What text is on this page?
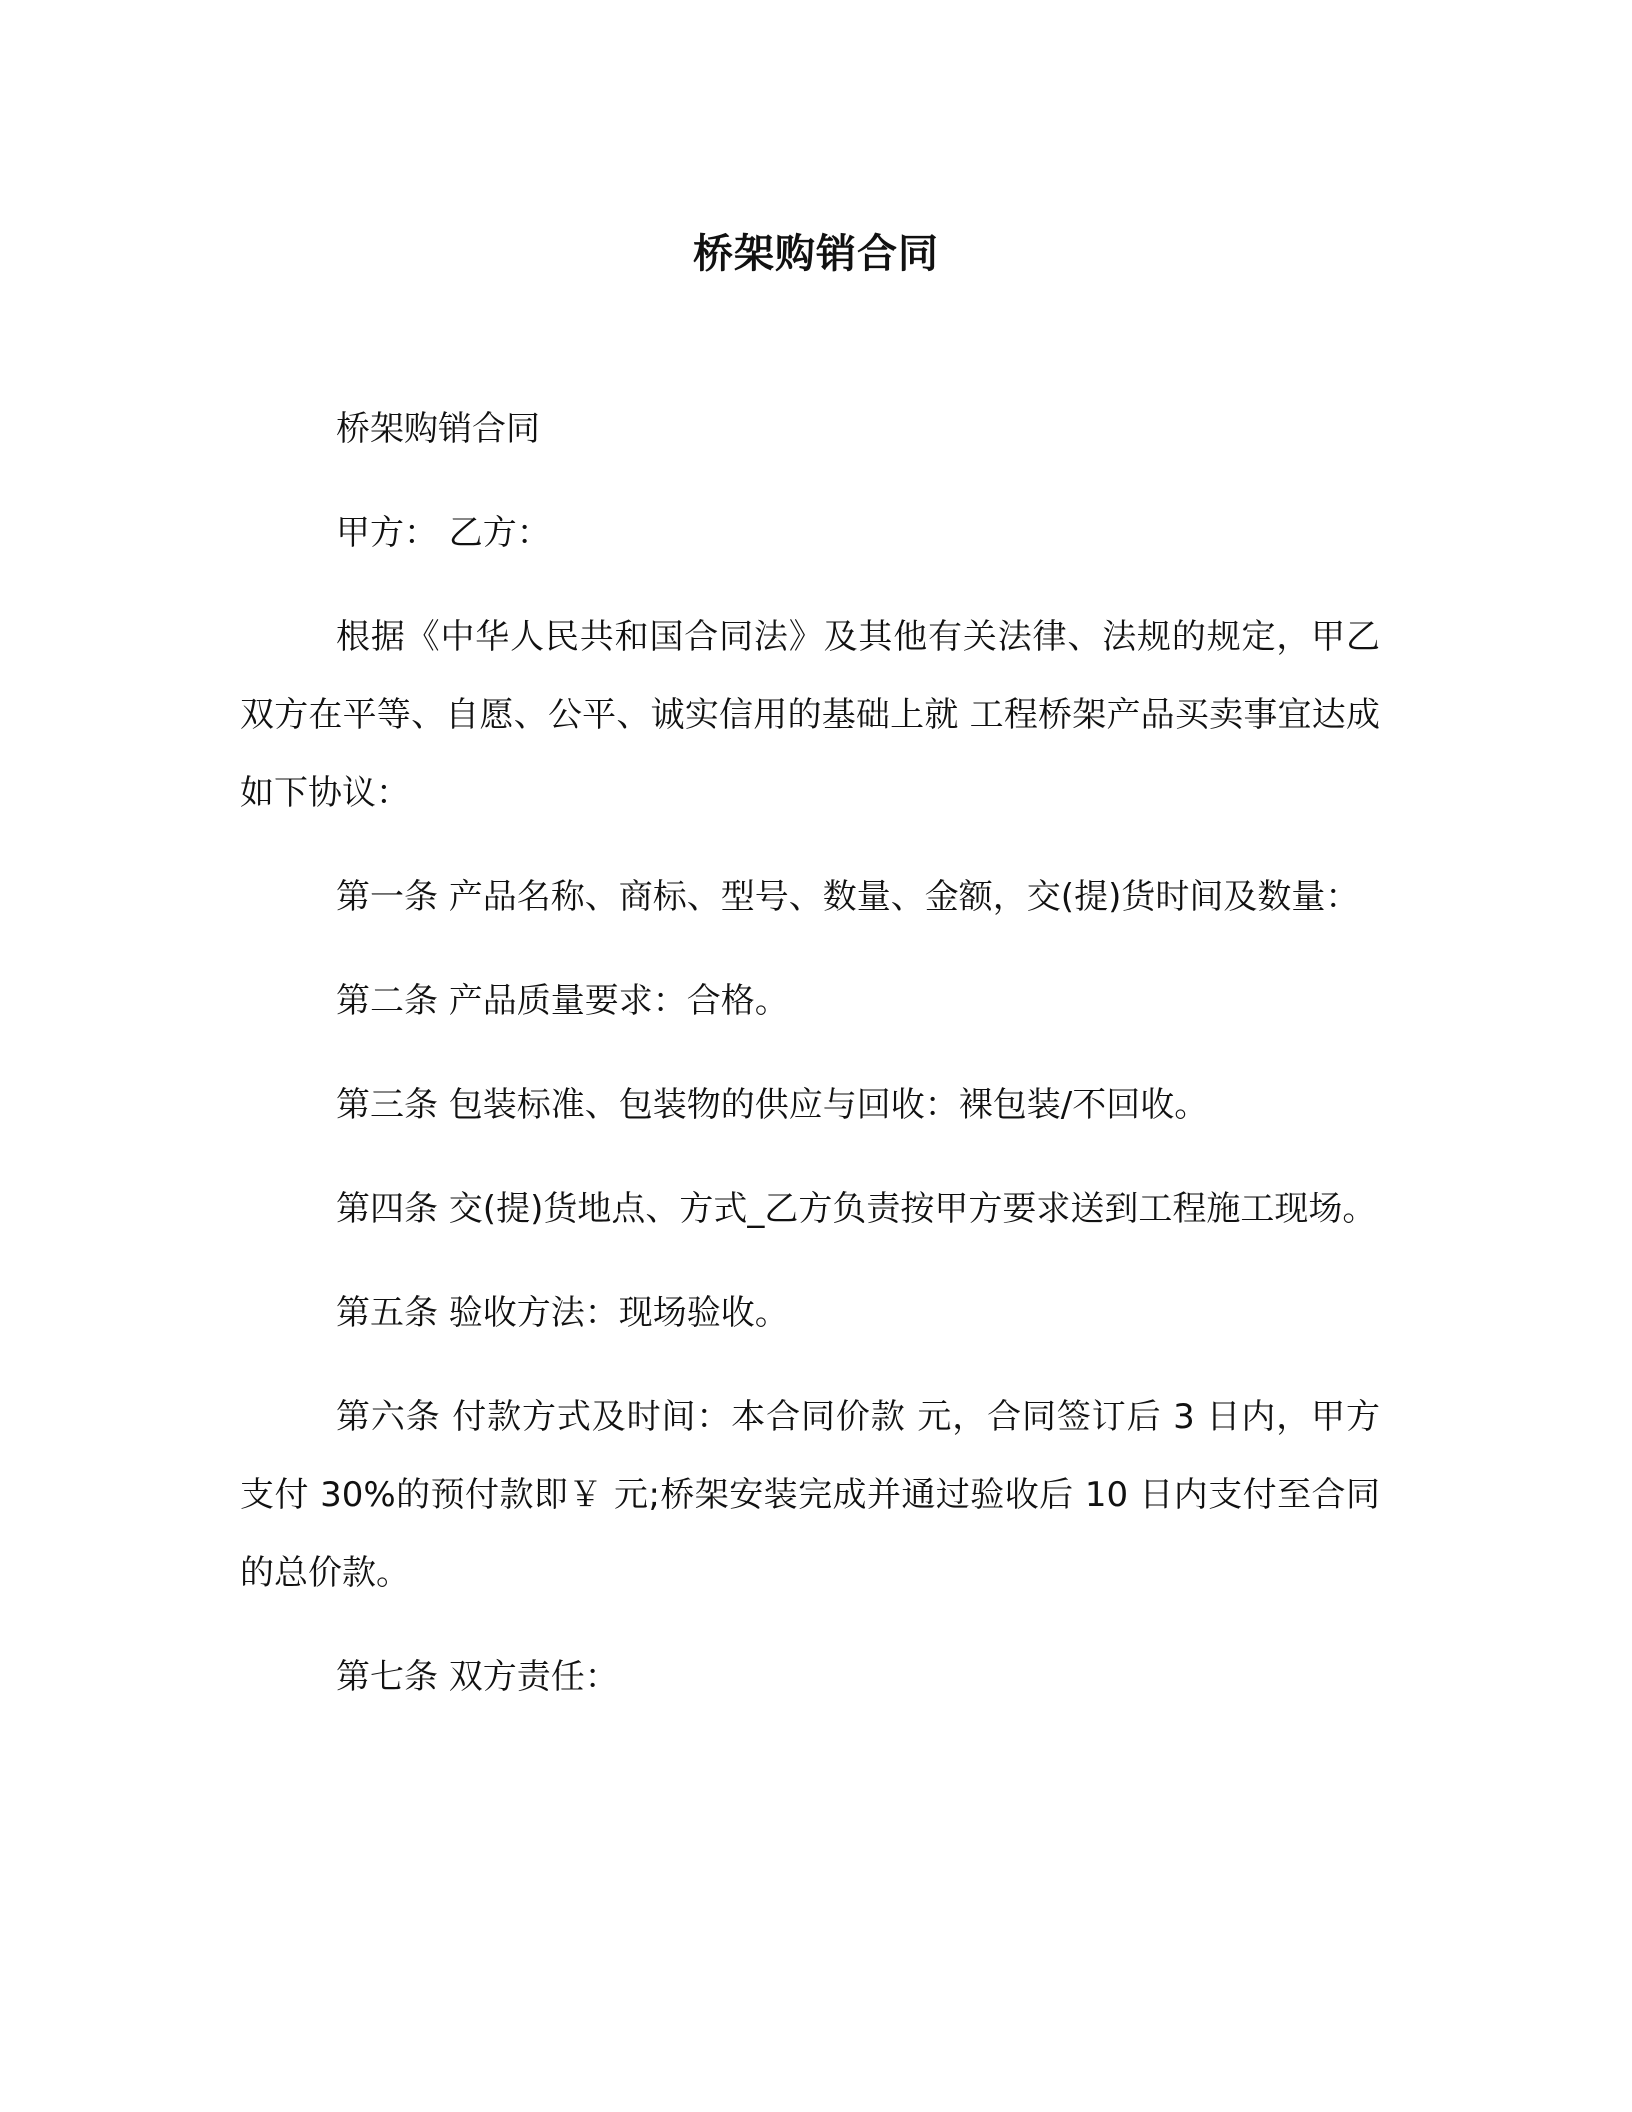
桥架购销合同

桥架购销合同

甲方： 乙方：

根据《中华人民共和国合同法》及其他有关法律、法规的规定，甲乙双方在平等、自愿、公平、诚实信用的基础上就 工程桥架产品买卖事宜达成如下协议：

第一条 产品名称、商标、型号、数量、金额，交(提)货时间及数量：

第二条 产品质量要求：合格。

第三条 包装标准、包装物的供应与回收：裸包装/不回收。

第四条 交(提)货地点、方式_乙方负责按甲方要求送到工程施工现场。

第五条 验收方法：现场验收。

第六条 付款方式及时间：本合同价款 元，合同签订后 3 日内，甲方支付 30%的预付款即￥ 元;桥架安装完成并通过验收后 10 日内支付至合同的总价款。

第七条 双方责任：
